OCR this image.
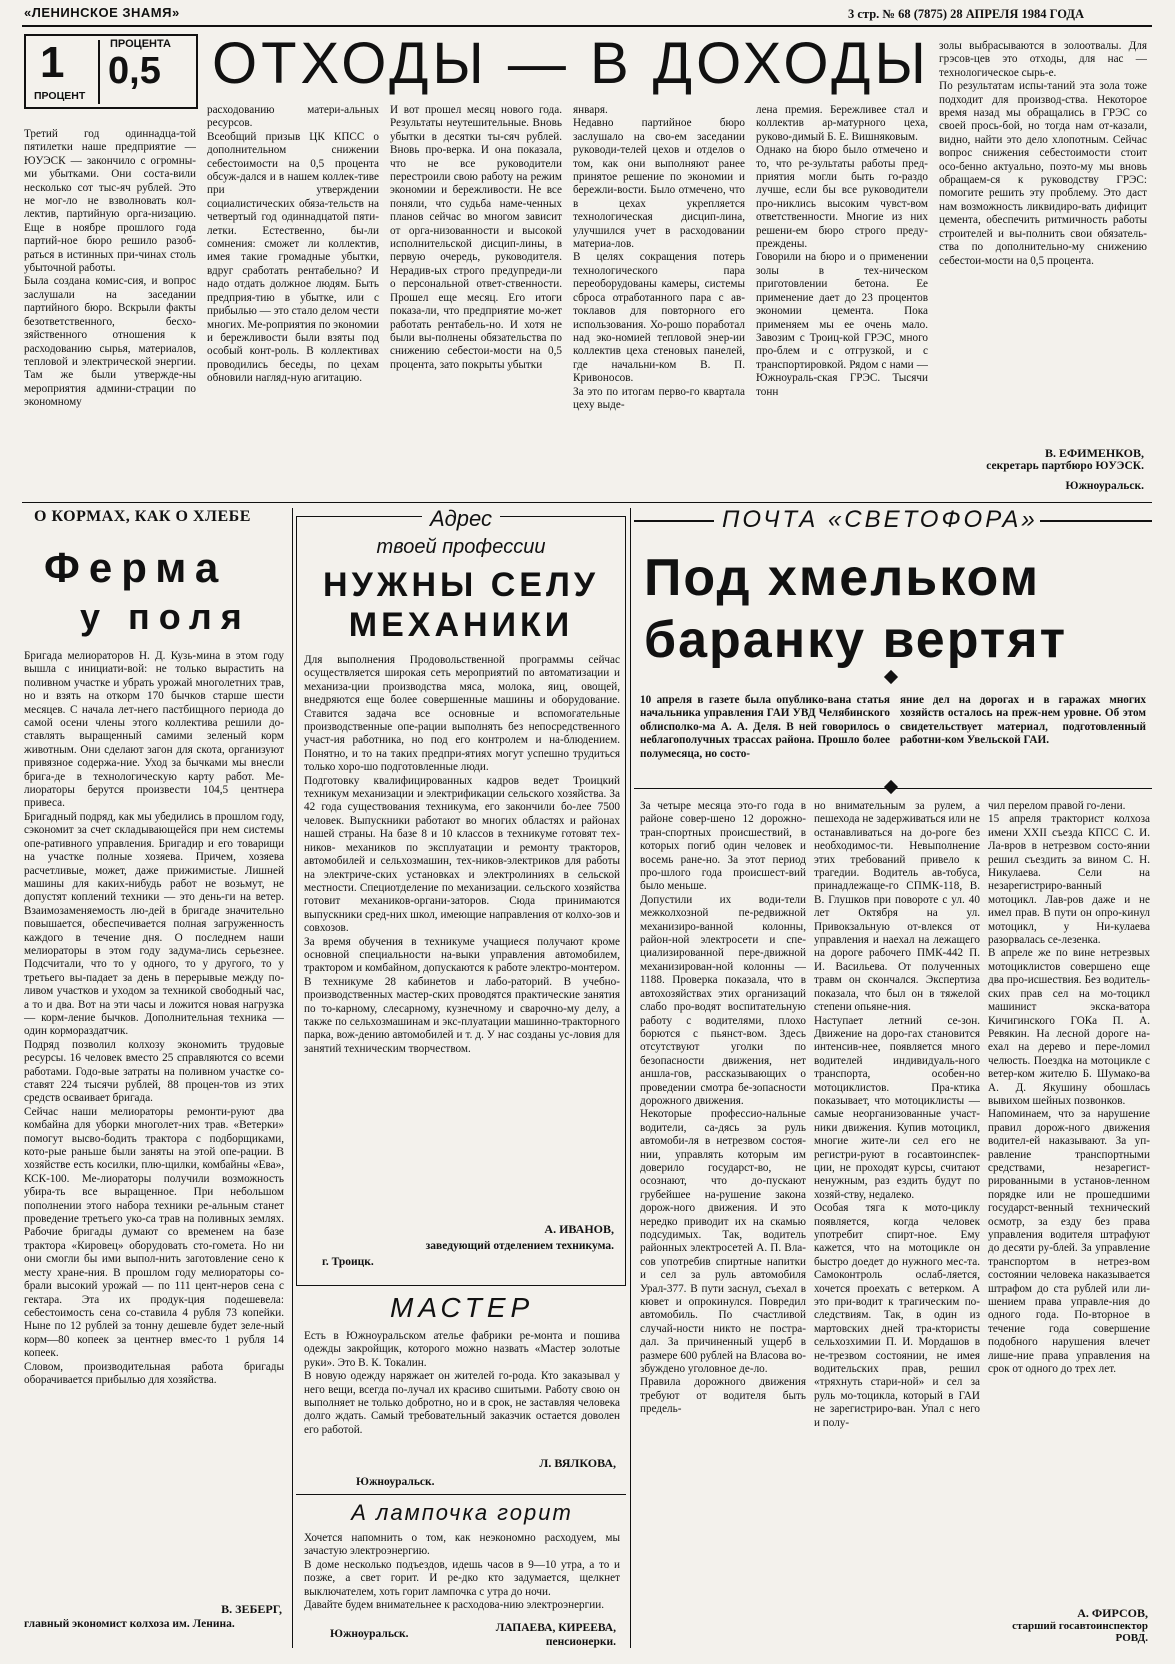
«ЛЕНИНСКОЕ ЗНАМЯ»	3 стр. № 68 (7875) 28 АПРЕЛЯ 1984 ГОДА
1
ПРОЦЕНТ
ПРОЦЕНТА
0,5 ОТХОДЫ — В ДОХОДЫ
Третий год одиннадца-той пятилетки наше предприятие — ЮУЭСК — закончило с огромны-ми убытками. Они соста-вили несколько сот тыс-яч рублей. Это не мог-ло не взволновать кол-лектив, партийную орга-низацию. Еще в ноябре прошлого года партий-ное бюро решило разоб-раться в истинных при-чинах столь убыточной работы.
Была создана комис-сия, и вопрос заслушали на заседании партийного бюро. Вскрыли факты безответственного, бесхо-зяйственного отношения к расходованию сырья, материалов, тепловой и электрической энергии. Там же были утвержде-ны мероприятия админи-страции по экономному
расходованию матери-альных ресурсов.
Всеобщий призыв ЦК КПСС о дополнительном снижении себестоимости на 0,5 процента обсуж-дался и в нашем коллек-тиве при утверждении социалистических обяза-тельств на четвертый год одиннадцатой пяти-летки. Естественно, бы-ли сомнения: сможет ли коллектив, имея такие громадные убытки, вдруг сработать рентабельно? И надо отдать должное людям. Быть предприя-тию в убытке, или с прибылью — это стало делом чести многих. Ме-роприятия по экономии и бережливости были взяты под особый конт-роль. В коллективах проводились беседы, по цехам обновили нагляд-ную агитацию.
И вот прошел месяц нового года. Результаты неутешительные. Вновь убытки в десятки ты-сяч рублей. Вновь про-верка. И она показала, что не все руководители перестроили свою работу на режим экономии и бережливости. Не все поняли, что судьба наме-ченных планов сейчас во многом зависит от орга-низованности и высокой исполнительской дисцип-лины, в первую очередь, руководителя. Нерадив-ых строго предупреди-ли о персональной ответ-ственности. Прошел еще месяц. Его итоги показа-ли, что предприятие мо-жет работать рентабель-но. И хотя не были вы-полнены обязательства по снижению себестои-мости на 0,5 процента, зато покрыты убытки
января.
Недавно партийное бюро заслушало на сво-ем заседании руководи-телей цехов и отделов о том, как они выполняют ранее принятое решение по экономии и бережли-вости. Было отмечено, что в цехах укрепляется технологическая дисцип-лина, улучшился учет в расходовании материа-лов.
В целях сокращения потерь технологического пара переоборудованы камеры, системы сброса отработанного пара с ав-токлавов для повторного его использования. Хо-рошо поработал над эко-номией тепловой энер-ии коллектив цеха стеновых панелей, где начальни-ком В. П. Кривоносов.
За это по итогам перво-го квартала цеху выде-
лена премия. Бережливее стал и коллектив ар-матурного цеха, руково-димый Б. Е. Вишняковым.
Однако на бюро было отмечено и то, что ре-зультаты работы пред-приятия могли быть го-раздо лучше, если бы все руководители про-никлись высоким чувст-вом ответственности. Многие из них решени-ем бюро строго преду-преждены.
Говорили на бюро и о применении золы в тех-ническом приготовлении бетона. Ее применение дает до 23 процентов экономии цемента. Пока применяем мы ее очень мало. Завозим с Троиц-кой ГРЭС, много про-блем и с отгрузкой, и с транспортировкой. Рядом с нами — Южноураль-ская ГРЭС. Тысячи тонн
золы выбрасываются в золоотвалы. Для грэсов-цев это отходы, для нас — технологическое сырь-е.
По результатам испы-таний эта зола тоже подходит для производ-ства. Некоторое время назад мы обращались в ГРЭС со своей прось-бой, но тогда нам от-казали, видно, найти это дело хлопотным. Сейчас вопрос снижения себестоимости стоит осо-бенно актуально, поэто-му мы вновь обращаем-ся к руководству ГРЭС: помогите решить эту проблему. Это даст нам возможность ликвидиро-вать дифицит цемента, обеспечить ритмичность работы строителей и вы-полнить свои обязатель-ства по дополнительно-му снижению себестои-мости на 0,5 процента.
В. ЕФИМЕНКОВ,
секретарь партбюро ЮУЭСК.
Южноуральск.
О КОРМАХ, КАК О ХЛЕБЕ
Ферма
у поля
Бригада мелиораторов Н. Д. Кузь-мина в этом году вышла с инициати-вой: не только вырастить на поливном участке и убрать урожай многолетних трав, но и взять на откорм 170 бычков старше шести месяцев. С начала лет-него пастбищного периода до самой осени члены этого коллектива решили до-ставлять выращенный самими зеленый корм животным. Они сделают загон для скота, организуют привязное содержа-ние. Уход за бычками мы внесли брига-де в технологическую карту работ. Ме-лиораторы берутся произвести 104,5 центнера привеса.
Бригадный подряд, как мы убедились в прошлом году, сэкономит за счет складывающейся при нем системы опе-ративного управления. Бригадир и его товарищи на участке полные хозяева. Причем, хозяева расчетливые, может, даже прижимистые. Лишней машины для каких-нибудь работ не возьмут, не допустят коплений техники — это день-ги на ветер. Взаимозаменяемость лю-дей в бригаде значительно повышается, обеспечивается полная загруженность каждого в течение дня. О последнем наши мелиораторы в этом году задума-лись серьезнее. Подсчитали, что то у одного, то у другого, то у третьего вы-падает за день в перерывые между по-ливом участков и уходом за техникой свободный час, а то и два. Вот на эти часы и ложится новая нагрузка— корм-ление бычков. Дополнительная техника — один кормораздатчик.
Подряд позволил колхозу экономить трудовые ресурсы. 16 человек вместо 25 справляются со всеми работами. Годо-вые затраты на поливном участке со-ставят 224 тысячи рублей, 88 процен-тов из этих средств осваивает бригада.
Сейчас наши мелиораторы ремонти-руют два комбайна для уборки многолет-них трав. «Ветерки» помогут высво-бодить трактора с подборщиками, кото-рые раньше были заняты на этой опе-рации. В хозяйстве есть косилки, плю-щилки, комбайны «Ева», КСК-100. Ме-лиораторы получили возможность убира-ть все выращенное. При небольшом пополнении этого набора техники ре-альным станет проведение третьего уко-са трав на поливных землях. Рабочие бригады думают со временем на базе трактора «Кировец» оборудовать сто-гомета. Но ни они смогли бы ими выпол-нить заготовление сено к месту хране-ния. В прошлом году мелиораторы со-брали высокий урожай — по 111 цент-неров сена с гектара. Эта их продук-ция подешевела: себестоимость сена со-ставила 4 рубля 73 копейки. Ныне по 12 рублей за тонну дешевле будет зеле-ный корм—80 копеек за центнер вмес-то 1 рубля 14 копеек.
Словом, производительная работа бригады оборачивается прибылью для хозяйства.
В. ЗЕБЕРГ,
главный экономист колхоза им. Ленина.
Адрес
твоей профессии
НУЖНЫ СЕЛУ
МЕХАНИКИ
Для выполнения Продовольственной программы сейчас осуществляется широкая сеть мероприятий по автоматизации и механиза-ции производства мяса, молока, яиц, овощей, внедряются еще более совершенные машины и оборудование. Ставится задача все основные и вспомогательные производственные опе-рации выполнять без непосредственного участ-ия работника, но под его контролем и на-блюдением. Понятно, и то на таких предпри-ятиях могут успешно трудиться только хоро-шо подготовленные люди.
Подготовку квалифицированных кадров ведет Троицкий техникум механизации и электрификации сельского хозяйства. За 42 года существования техникума, его закончили бо-лее 7500 человек. Выпускники работают во многих областях и районах нашей страны. На базе 8 и 10 классов в техникуме готовят тех-ников- механиков по эксплуатации и ремонту тракторов, автомобилей и сельхозмашин, тех-ников-электриков для работы на электриче-ских установках и электролиниях в сельской местности. Специотделение по механизации. сельского хозяйства готовит механиков-органи-заторов. Сюда принимаются выпускники сред-них школ, имеющие направления от колхо-зов и совхозов.
За время обучения в техникуме учащиеся получают кроме основной специальности на-выки управления автомобилем, трактором и комбайном, допускаются к работе электро-монтером. В техникуме 28 кабинетов и лабо-раторий. В учебно-производственных мастер-ских проводятся практические занятия по то-карному, слесарному, кузнечному и сварочно-му делу, а также по сельхозмашинам и экс-плуатации машинно-тракторного парка, вож-дению автомобилей и т. д. У нас созданы ус-ловия для занятий техническим творчеством.
А. ИВАНОВ,
заведующий отделением техникума.
г. Троицк.
МАСТЕР
Есть в Южноуральском ателье фабрики ре-монта и пошива одежды закройщик, которого можно назвать «Мастер золотые руки». Это В. К. Токалин.
В новую одежду наряжает он жителей го-рода. Кто заказывал у него вещи, всегда по-лучал их красиво сшитыми. Работу свою он выполняет не только добротно, но и в срок, не заставляя человека долго ждать. Самый требовательный заказчик остается доволен его работой.
Л. ВЯЛКОВА,
Южноуральск.
А лампочка горит
Хочется напомнить о том, как неэкономно расходуем, мы зачастую электроэнергию.
В доме несколько подъездов, идешь часов в 9—10 утра, а то и позже, а свет горит. И ре-дко кто задумается, щелкнет выключателем, хоть горит лампочка с утра до ночи.
Давайте будем внимательнее к расходова-нию электроэнергии.
Южноуральск.	ЛАПАЕВА, КИРЕЕВА,
пенсионерки.
ПОЧТА «СВЕТОФОРА»
Под хмельком
баранку вертят
10 апреля в газете была опублико-вана статья начальника управления ГАИ УВД Челябинского облисполко-ма А. А. Деля. В ней говорилось о неблагополучных трассах района. Прошло более полумесяца, но состо-
яние дел на дорогах и в гаражах многих хозяйств осталось на преж-нем уровне. Об этом свидетельствует материал, подготовленный работни-ком Увельской ГАИ.
За четыре месяца это-го года в районе совер-шено 12 дорожно-тран-спортных происшествий, в которых погиб один человек и восемь ране-но. За этот период про-шлого года происшест-вий было меньше.
Допустили их води-тели межколхозной пе-редвижной механизиро-ванной колонны, район-ной электросети и спе-циализированной пере-движной механизирован-ной колонны — 1188. Проверка показала, что в автохозяйствах этих организаций слабо про-водят воспитательную работу с водителями, плохо борются с пьянст-вом. Здесь отсутствуют уголки по безопасности движения, нет аншла-гов, рассказывающих о проведении смотра бе-зопасности дорожного движения.
Некоторые профессио-нальные водители, са-дясь за руль автомоби-ля в нетрезвом состоя-нии, управлять которым им доверило государст-во, не осознают, что до-пускают грубейшее на-рушение закона дорож-ного движения. И это нередко приводит их на скамью подсудимых. Так, водитель районных электросетей А. П. Вла-сов употребив спиртные напитки и сел за руль автомобиля Урал-377. В пути заснул, съехал в кювет и опрокинулся. Повредил автомобиль. По счастливой случай-ности никто не постра-дал. За причиненный ущерб в размере 600 рублей на Власова во-збуждено уголовное де-ло.
Правила дорожного движения требуют от водителя быть предель-
но внимательным за рулем, а пешехода не задерживаться или не останавливаться на до-роге без необходимос-ти. Невыполнение этих требований привело к трагедии. Водитель ав-тобуса, принадлежаще-го СПМК-118, В. В. Глушков при повороте с ул. 40 лет Октября на ул. Привокзальную от-влекся от управления и наехал на лежащего на дороге рабочего ПМК-442 П. И. Васильева. От полученных травм он скончался. Экспертиза показала, что был он в тяжелой степени опьяне-ния.
Наступает летний се-зон. Движение на доро-гах становится интенсив-нее, появляется много водителей индивидуаль-ного транспорта, особен-но мотоциклистов. Пра-ктика показывает, что мотоциклисты — самые неорганизованные участ-ники движения. Купив мотоцикл, многие жите-ли сел его не регистри-руют в госавтоинспек-ции, не проходят курсы, считают ненужным, раз ездить будут по хозяй-ству, недалеко.
Особая тяга к мото-циклу появляется, когда человек употребит спирт-ное. Ему кажется, что на мотоцикле он быстро доедет до нужного мес-та. Самоконтроль ослаб-ляется, хочется проехать с ветерком. А это при-водит к трагическим по-следствиям. Так, в один из мартовских дней тра-ктористы сельхозхимии П. И. Мордашов в не-трезвом состоянии, не имея водительских прав, решил «тряхнуть стари-ной» и сел за руль мо-тоцикла, который в ГАИ не зарегистриро-ван. Упал с него и полу-
чил перелом правой го-лени.
15 апреля тракторист колхоза имени XXII съезда КПСС С. И. Ла-вров в нетрезвом состо-янии решил съездить за вином С. Н. Никулаева. Сели на незарегистриро-ванный мотоцикл. Лав-ров даже и не имел прав. В пути он опро-кинул мотоцикл, у Ни-кулаева разорвалась се-лезенка.
В апреле же по вине нетрезвых мотоциклистов совершено еще два про-исшествия. Без водитель-ских прав сел на мо-тоцикл машинист экска-ватора Кичигинского ГОКа П. А. Ревякин. На лесной дороге на-ехал на дерево и пере-ломил челюсть. Поездка на мотоцикле с ветер-ком жителю Б. Шумако-ва А. Д. Якушину обошлась вывихом шейных позвонков.
Напоминаем, что за нарушение правил дорож-ного движения водител-ей наказывают. За уп-равление транспортными средствами, незарегист-рированными в установ-ленном порядке или не прошедшими государст-венный технический осмотр, за езду без права управления водителя штрафуют до десяти ру-блей. За управление транспортом в нетрез-вом состоянии человека наказывается штрафом до ста рублей или ли-шением права управле-ния до одного года. По-вторное в течение года совершение подобного нарушения влечет лише-ние права управления на срок от одного до трех лет.
А. ФИРСОВ,
старший госавтоинспектор РОВД.
